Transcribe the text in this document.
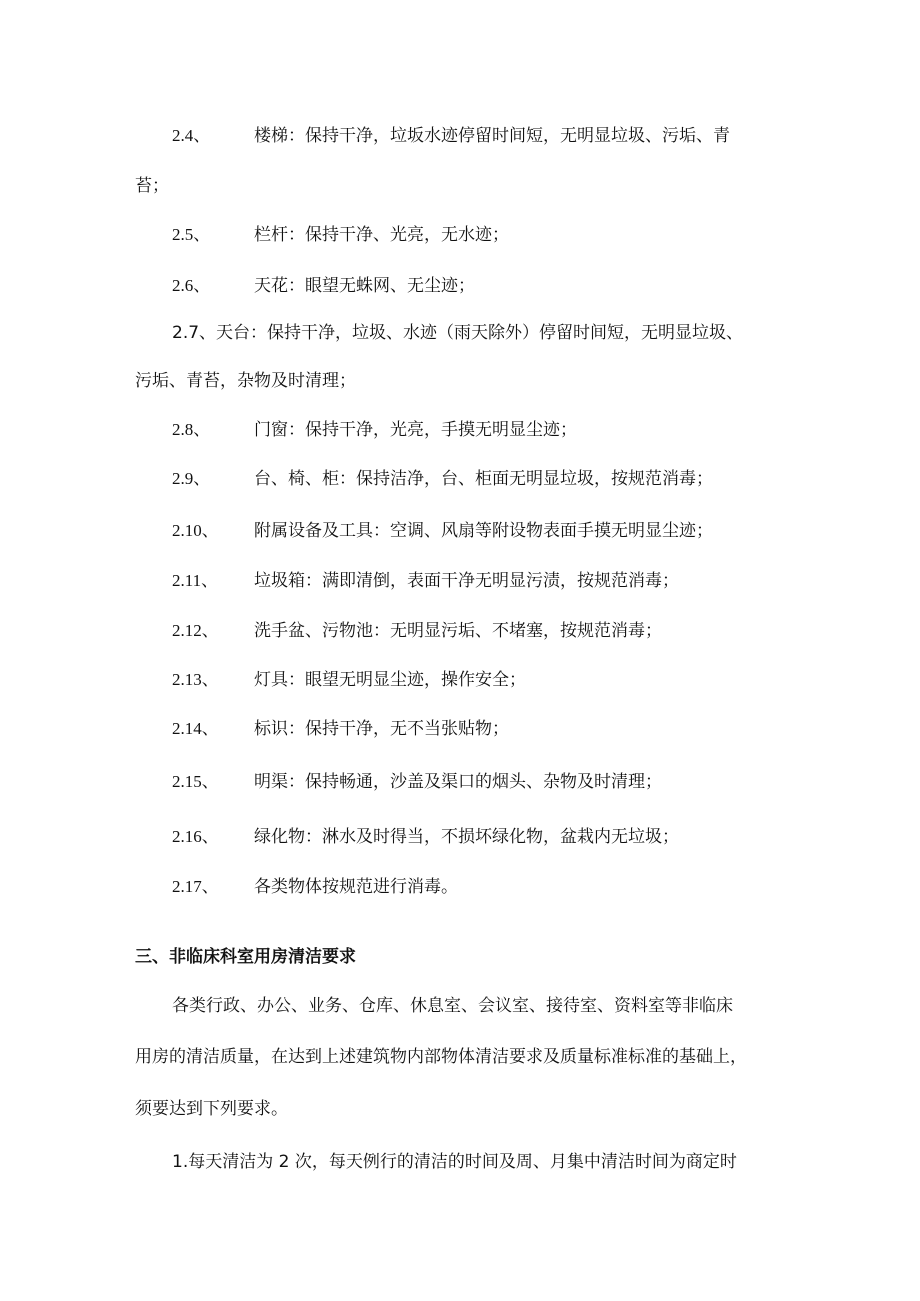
2.4、	楼梯：保持干净，垃坂水迹停留时间短，无明显垃圾、污垢、青
苔；
2.5、	栏杆：保持干净、光亮，无水迹；
2.6、	天花：眼望无蛛网、无尘迹；
2.7、天台：保持干净，垃圾、水迹（雨天除外）停留时间短，无明显垃圾、
污垢、青苔，杂物及时清理；
2.8、	门窗：保持干净，光亮，手摸无明显尘迹；
2.9、	台、椅、柜：保持洁净，台、柜面无明显垃圾，按规范消毒；
2.10、 附属设备及工具：空调、风扇等附设物表面手摸无明显尘迹；
2.11、 垃圾箱：满即清倒，表面干净无明显污渍，按规范消毒；
2.12、 洗手盆、污物池：无明显污垢、不堵塞，按规范消毒；
2.13、 灯具：眼望无明显尘迹，操作安全；
2.14、 标识：保持干净，无不当张贴物；
2.15、 明渠：保持畅通，沙盖及渠口的烟头、杂物及时清理；
2.16、 绿化物：淋水及时得当，不损坏绿化物，盆栽内无垃圾；
2.17、 各类物体按规范进行消毒。
三、非临床科室用房清洁要求
各类行政、办公、业务、仓库、休息室、会议室、接待室、资料室等非临床
用房的清洁质量，在达到上述建筑物内部物体清洁要求及质量标准标准的基础上，
须要达到下列要求。
1.每天清洁为 2 次，每天例行的清洁的时间及周、月集中清洁时间为商定时
